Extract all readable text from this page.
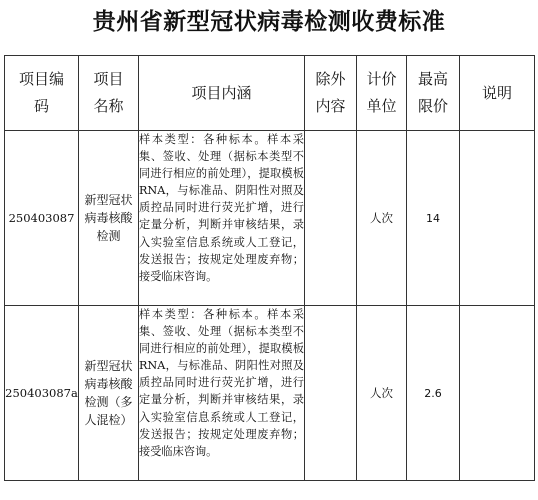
贵州省新型冠状病毒检测收费标准
项目编码	项目名称	项目内涵	除外内容	计价单位	最高限价	说明
250403087	新型冠状病毒核酸检测	样本类型：各种标本。样本采集、签收、处理（据标本类型不同进行相应的前处理），提取模板RNA，与标准品、阴阳性对照及质控品同时进行荧光扩增，进行定量分析，判断并审核结果，录入实验室信息系统或人工登记，发送报告；按规定处理废弃物；接受临床咨询。		人次	14	
250403087a	新型冠状病毒核酸检测（多人混检）	样本类型：各种标本。样本采集、签收、处理（据标本类型不同进行相应的前处理），提取模板RNA，与标准品、阴阳性对照及质控品同时进行荧光扩增，进行定量分析，判断并审核结果，录入实验室信息系统或人工登记，发送报告；按规定处理废弃物；接受临床咨询。		人次	2.6	
